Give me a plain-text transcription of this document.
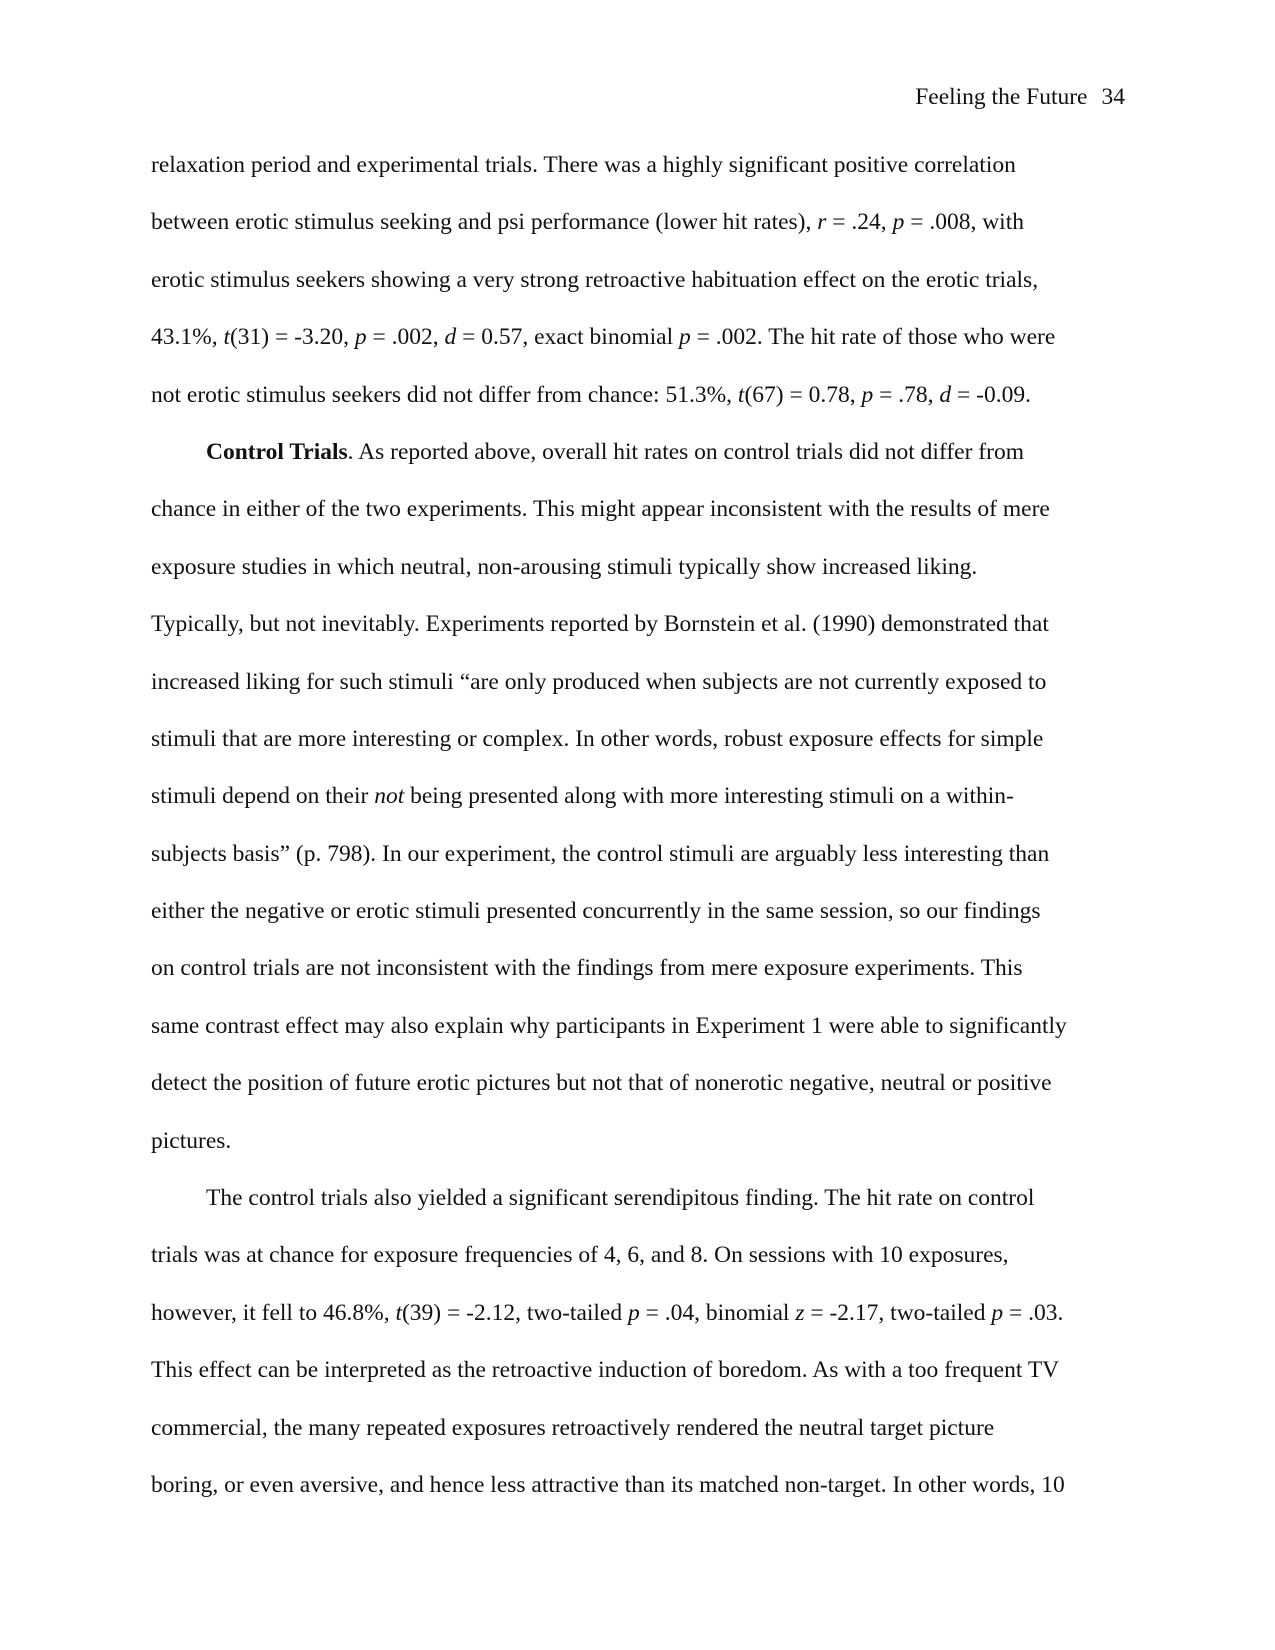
Feeling the Future 34
relaxation period and experimental trials. There was a highly significant positive correlation
between erotic stimulus seeking and psi performance (lower hit rates), r = .24, p = .008, with
erotic stimulus seekers showing a very strong retroactive habituation effect on the erotic trials,
43.1%, t(31) = -3.20, p = .002, d = 0.57, exact binomial p = .002. The hit rate of those who were
not erotic stimulus seekers did not differ from chance: 51.3%, t(67) = 0.78, p = .78, d = -0.09.
Control Trials. As reported above, overall hit rates on control trials did not differ from
chance in either of the two experiments. This might appear inconsistent with the results of mere
exposure studies in which neutral, non-arousing stimuli typically show increased liking.
Typically, but not inevitably. Experiments reported by Bornstein et al. (1990) demonstrated that
increased liking for such stimuli “are only produced when subjects are not currently exposed to
stimuli that are more interesting or complex. In other words, robust exposure effects for simple
stimuli depend on their not being presented along with more interesting stimuli on a within-
subjects basis” (p. 798). In our experiment, the control stimuli are arguably less interesting than
either the negative or erotic stimuli presented concurrently in the same session, so our findings
on control trials are not inconsistent with the findings from mere exposure experiments. This
same contrast effect may also explain why participants in Experiment 1 were able to significantly
detect the position of future erotic pictures but not that of nonerotic negative, neutral or positive
pictures.
The control trials also yielded a significant serendipitous finding. The hit rate on control
trials was at chance for exposure frequencies of 4, 6, and 8. On sessions with 10 exposures,
however, it fell to 46.8%, t(39) = -2.12, two-tailed p = .04, binomial z = -2.17, two-tailed p = .03.
This effect can be interpreted as the retroactive induction of boredom. As with a too frequent TV
commercial, the many repeated exposures retroactively rendered the neutral target picture
boring, or even aversive, and hence less attractive than its matched non-target. In other words, 10
